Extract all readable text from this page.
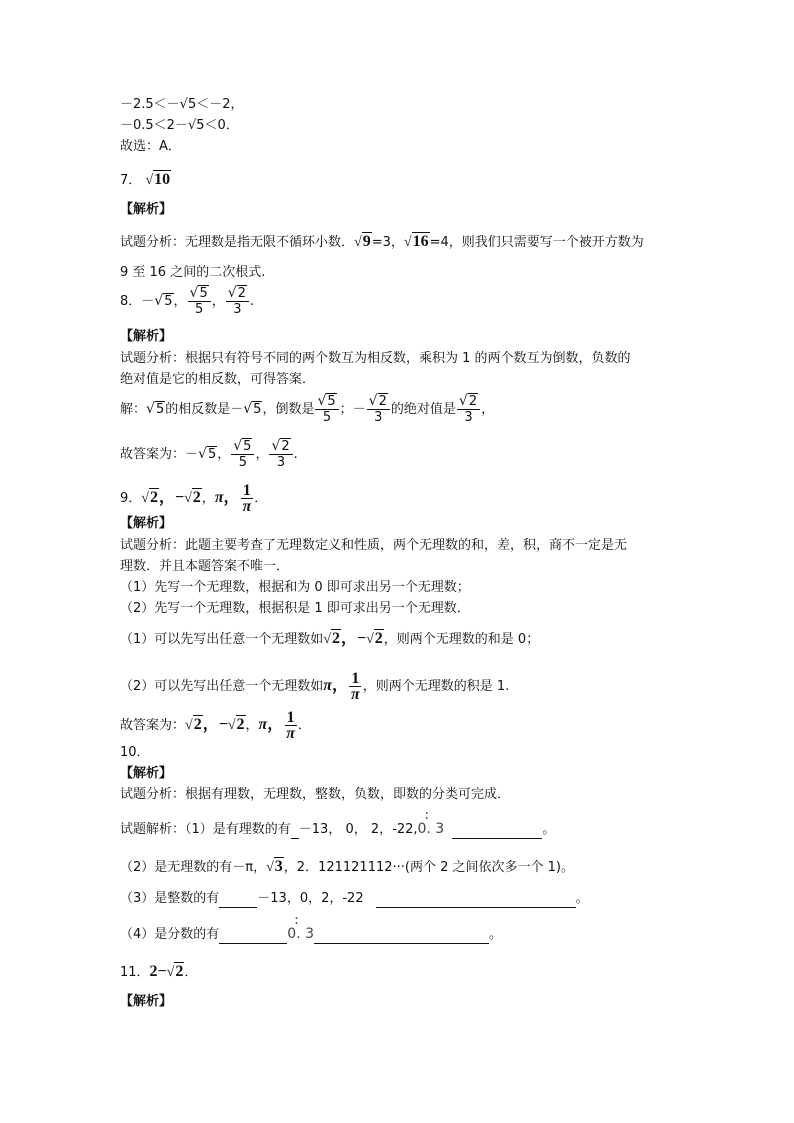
－2.5＜－√5＜－2，
－0.5＜2－√5＜0．
故选：A．
7． √10
【解析】
试题分析：无理数是指无限不循环小数．√9=3，√16=4，则我们只需要写一个被开方数为
9 至 16 之间的二次根式.
8．－√5， $\frac{√5}{5}$ ， $\frac{√2}{3}$ .
【解析】
试题分析：根据只有符号不同的两个数互为相反数，乘积为 1 的两个数互为倒数，负数的
绝对值是它的相反数，可得答案．
解：√5的相反数是－√5，倒数是 $\frac{√5}{5}$ ；－ $\frac{√2}{3}$ 的绝对值是 $\frac{√2}{3}$ ，
故答案为：－√5， $\frac{√5}{5}$ ， $\frac{√2}{3}$ .
9．√2，−√2，π， $\frac{1}{\pi}$ ．
【解析】
试题分析：此题主要考查了无理数定义和性质，两个无理数的和，差，积，商不一定是无
理数．并且本题答案不唯一．
（1）先写一个无理数，根据和为 0 即可求出另一个无理数；
（2）先写一个无理数，根据积是 1 即可求出另一个无理数．
（1）可以先写出任意一个无理数如√2，−√2，则两个无理数的和是 0；
（2）可以先写出任意一个无理数如π， $\frac{1}{\pi}$ ，则两个无理数的积是 1.
故答案为：√2，−√2，π， $\frac{1}{\pi}$ ．
10．
【解析】
试题分析：根据有理数，无理数，整数，负数，即数的分类可完成．
试题解析：（1）是有理数的有 －13， 0， 2，-22,· 0. 3 ·	。
（2）是无理数的有－π，√3，2．121121112···(两个 2 之间依次多一个 1)。
（3）是整数的有	－13，0，2，-22	。
（4）是分数的有·	0. 3 ·	。
11．2−√2．
【解析】
